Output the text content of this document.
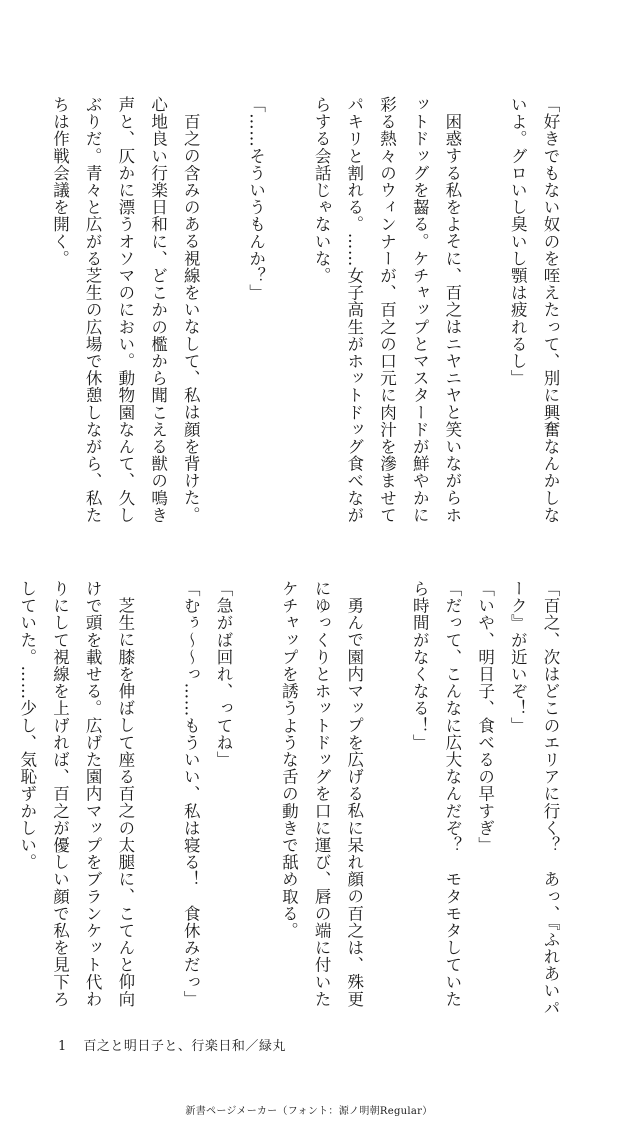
「好きでもない奴のを咥えたって、別に興奮なんかしないよ。グロいし臭いし顎は疲れるし」

困惑する私をよそに、百之はニヤニヤと笑いながらホットドッグを齧る。ケチャップとマスタードが鮮やかに彩る熱々のウィンナーが、百之の口元に肉汁を滲ませてパキリと割れる。……女子高生がホットドッグ食べながらする会話じゃないな。

「……そういうもんか？」

百之の含みのある視線をいなして、私は顔を背けた。心地良い行楽日和に、どこかの檻から聞こえる獣の鳴き声と、仄かに漂うオソマのにおい。動物園なんて、久しぶりだ。青々と広がる芝生の広場で休憩しながら、私たちは作戦会議を開く。

「百之、次はどこのエリアに行く？　あっ、『ふれあいパーク』が近いぞ！」

「いや、明日子、食べるの早すぎ」

「だって、こんなに広大なんだぞ？　モタモタしていたら時間がなくなる！」

勇んで園内マップを広げる私に呆れ顔の百之は、殊更にゆっくりとホットドッグを口に運び、唇の端に付いたケチャップを誘うような舌の動きで舐め取る。

「急がば回れ、ってね」

「むぅ～～っ……もういい、私は寝る！　食休みだっ」

芝生に膝を伸ばして座る百之の太腿に、こてんと仰向けで頭を載せる。広げた園内マップをブランケット代わりにして視線を上げれば、百之が優しい顔で私を見下ろしていた。……少し、気恥ずかしい。

1 百之と明日子と、行楽日和／緑丸
新書ページメーカー（フォント：源ノ明朝Regular）
